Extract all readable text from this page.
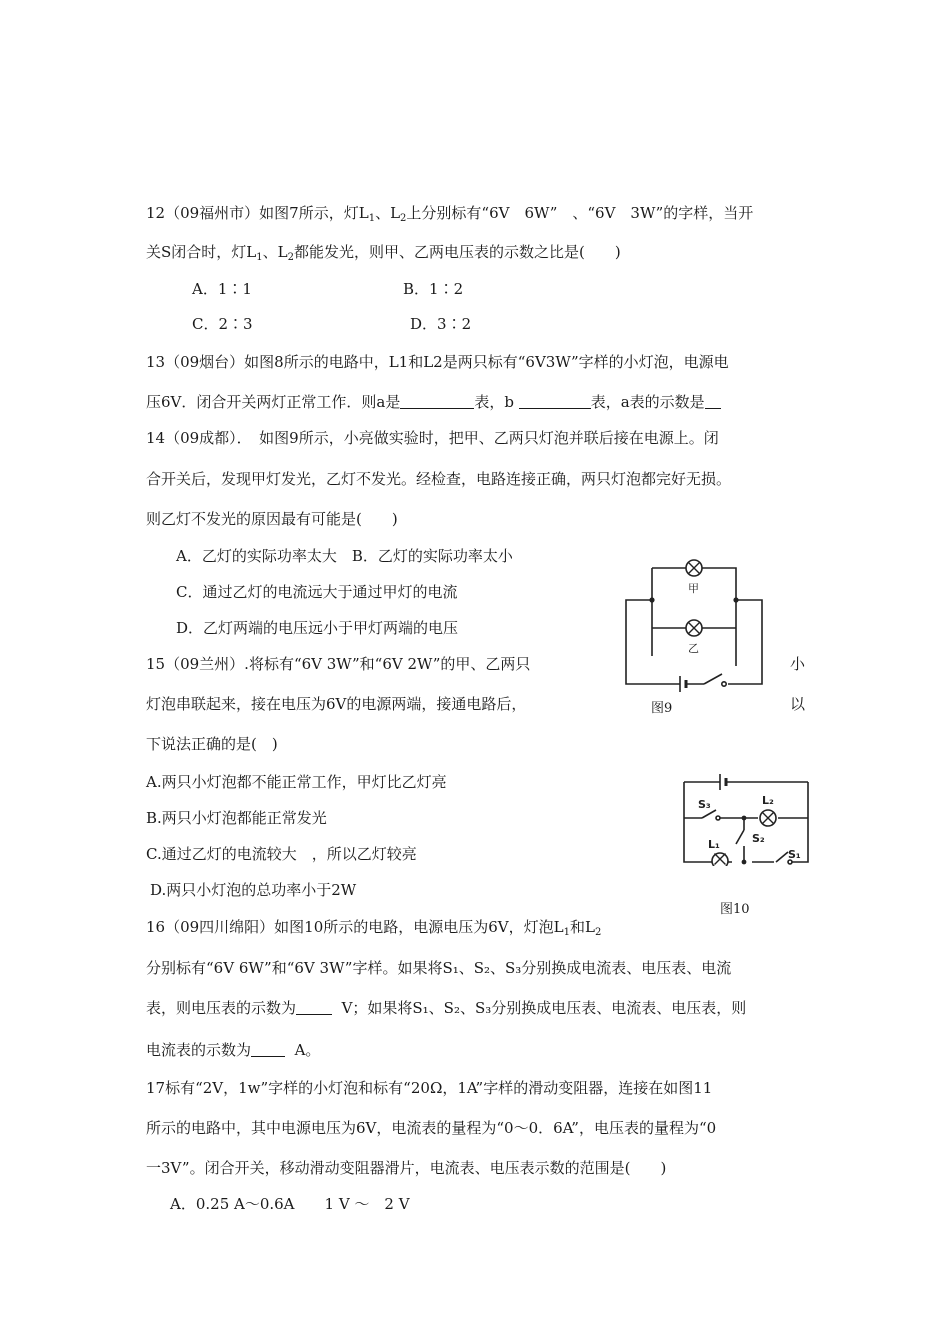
12（09福州市）如图7所示，灯$L_1$、$L_2$上分别标有“6V　6W”　、“6V　3W”的字样，当开
关S闭合时，灯$L_1$、$L_2$都能发光，则甲、乙两电压表的示数之比是(　　)
A．1∶1	B．1∶2
C．2∶3	D．3∶2
13（09烟台）如图8所示的电路中，L1和L2是两只标有“6V3W”字样的小灯泡，电源电
压6V．闭合开关两灯正常工作．则a是	表，b	表，a表的示数是
14（09成都）．　如图9所示，小亮做实验时，把甲、乙两只灯泡并联后接在电源上。闭
合开关后，发现甲灯发光，乙灯不发光。经检查，电路连接正确，两只灯泡都完好无损。
则乙灯不发光的原因最有可能是(　　)
A．乙灯的实际功率太大　B．乙灯的实际功率太小
C．通过乙灯的电流远大于通过甲灯的电流
D．乙灯两端的电压远小于甲灯两端的电压
15（09兰州）.将标有“6V 3W”和“6V 2W”的甲、乙两只	小
灯泡串联起来，接在电压为6V的电源两端，接通电路后，	以
下说法正确的是(　)
A.两只小灯泡都不能正常工作，甲灯比乙灯亮
B.两只小灯泡都能正常发光
C.通过乙灯的电流较大　，所以乙灯较亮
D.两只小灯泡的总功率小于2W
16（09四川绵阳）如图10所示的电路，电源电压为6V，灯泡$L_1$和$L_2$
分别标有“6V 6W”和“6V 3W”字样。如果将S₁、S₂、S₃分别换成电流表、电压表、电流
表，则电压表的示数为	V；如果将S₁、S₂、S₃分别换成电压表、电流表、电压表，则
电流表的示数为	A。
17标有“2V，1w”字样的小灯泡和标有“20Ω，1A”字样的滑动变阻器，连接在如图11
所示的电路中，其中电源电压为6V，电流表的量程为“0～0．6A”，电压表的量程为“0
一3V”。闭合开关，移动滑动变阻器滑片，电流表、电压表示数的范围是(　　)
A．0.25 A～0.6A　　1 V ～　2 V
甲
乙
图9
S₃	L₂
S₂
L₁
S₁
图10
